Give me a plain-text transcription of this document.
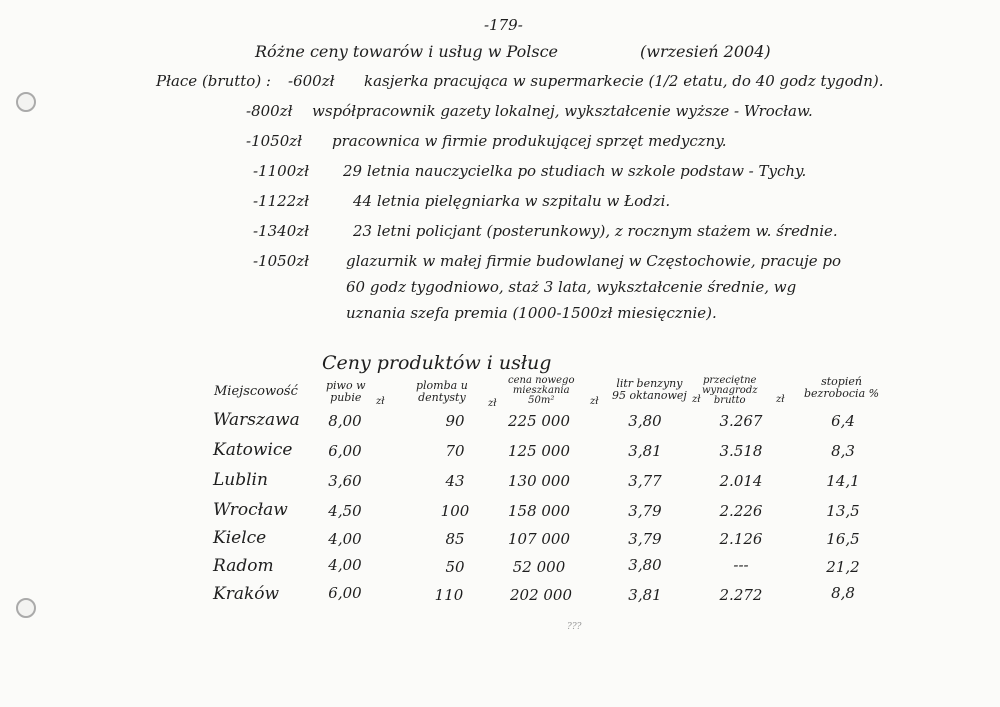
-179-
Różne ceny towarów i usług w Polsce	(wrzesień 2004)
Płace (brutto) : -600zł kasjerka pracująca w supermarkecie (1/2 etatu, do 40 godz tygodn).
-800zł współpracownik gazety lokalnej, wykształcenie wyższe - Wrocław.
-1050zł pracownica w firmie produkującej sprzęt medyczny.
-1100zł 29 letnia nauczycielka po studiach w szkole podstaw - Tychy.
-1122zł	44 letnia pielęgniarka w szpitalu w Łodzi.
-1340zł	23 letni policjant (posterunkowy), z rocznym stażem w. średnie.
-1050zł glazurnik w małej firmie budowlanej w Częstochowie, pracuje po
60 godz tygodniowo, staż 3 lata, wykształcenie średnie, wg
uznania szefa premia (1000-1500zł miesięcznie).
Ceny produktów i usług
Miejscowość	piwo w
pubie	zł
plomba u
dentysty zł
cena nowego
mieszkania
50m²	zł
litr benzyny
95 oktanowej zł
przeciętne
wynagrodz
brutto	zł
stopień
bezrobocia %
Warszawa	8,00	90	225 000	3,80	3.267	6,4
Katowice	6,00	70	125 000	3,81	3.518	8,3
Lublin	3,60	43	130 000	3,77	2.014	14,1
Wrocław	4,50	100	158 000	3,79	2.226	13,5
Kielce	4,00	85	107 000	3,79	2.126	16,5
Radom	4,00	50	52 000	3,80	---	21,2
Kraków	6,00	110	202 000	3,81	2.272	8,8
???
